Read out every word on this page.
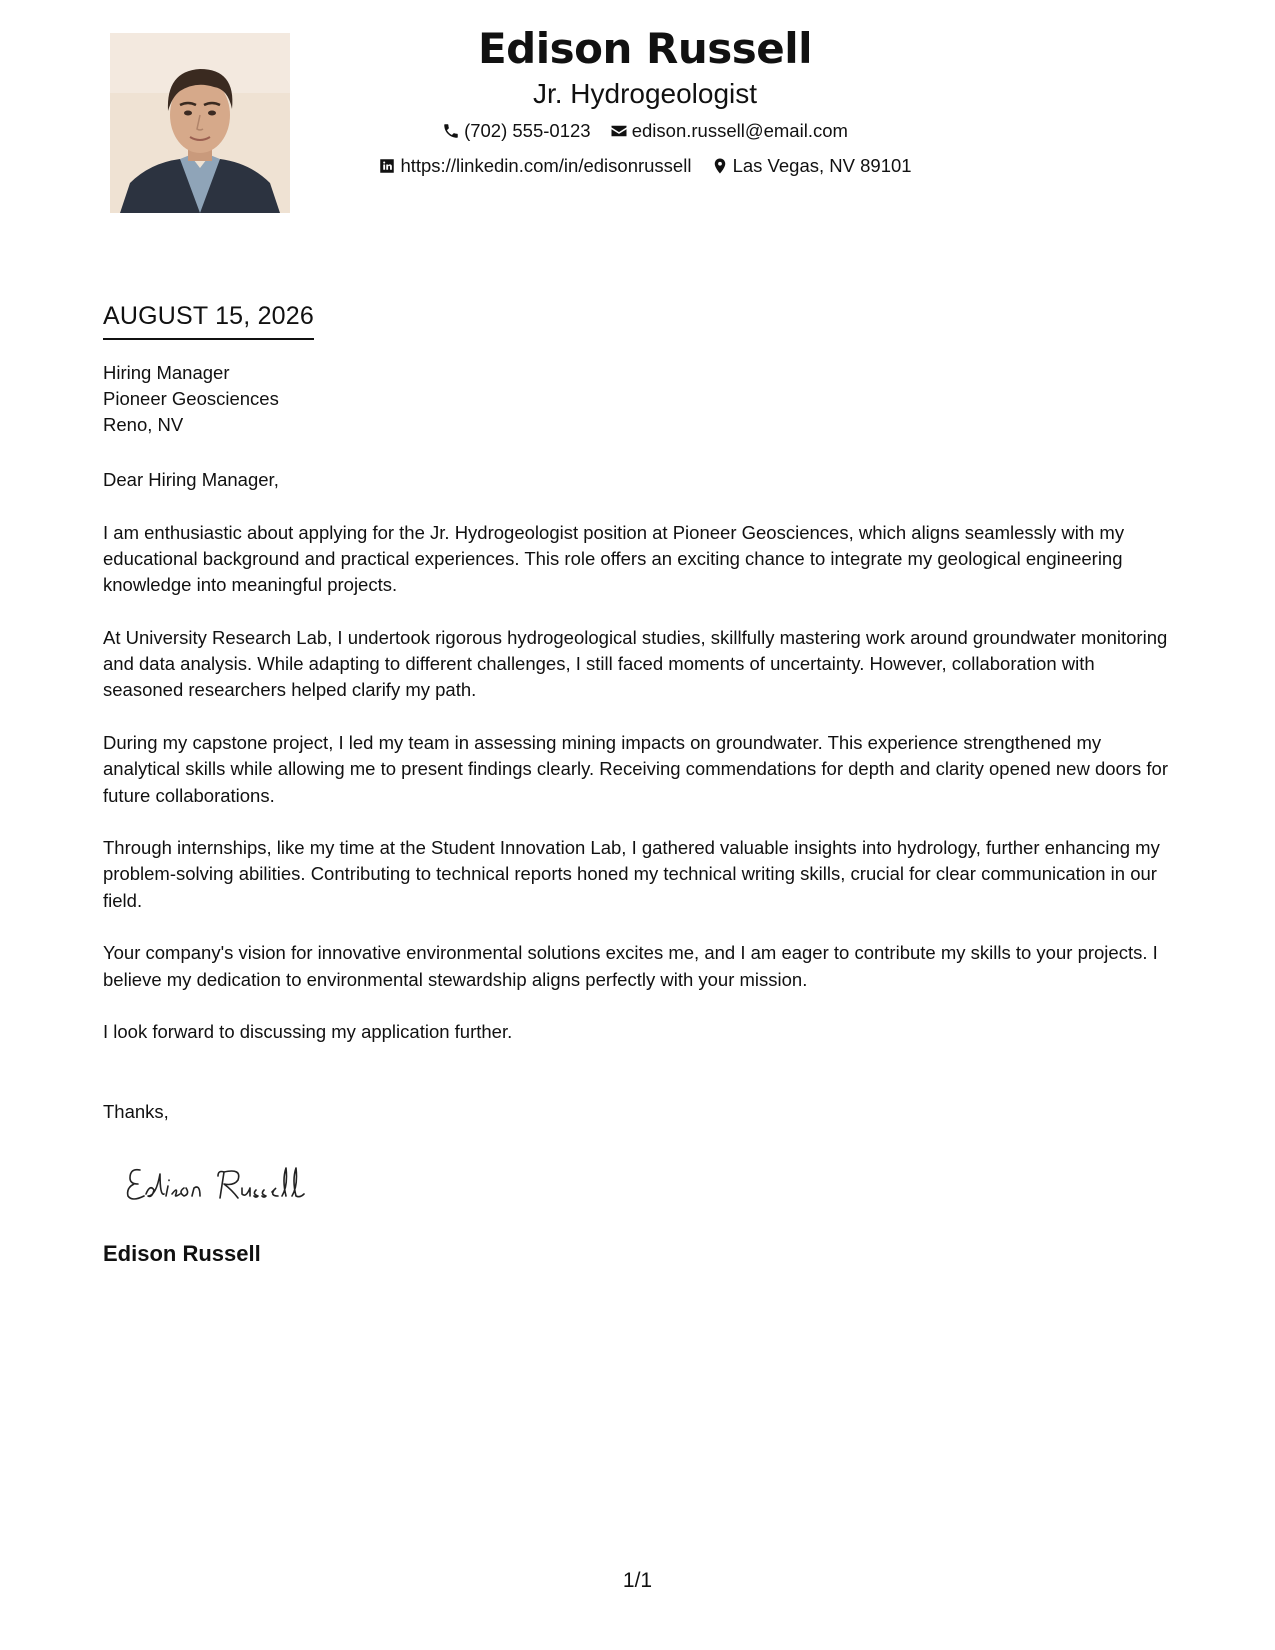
Edison Russell
Jr. Hydrogeologist
(702) 555-0123
edison.russell@email.com
https://linkedin.com/in/edisonrussell
Las Vegas, NV 89101
AUGUST 15, 2026
Hiring Manager
Pioneer Geosciences
Reno, NV

Dear Hiring Manager,

I am enthusiastic about applying for the Jr. Hydrogeologist position at Pioneer Geosciences, which aligns seamlessly with my educational background and practical experiences. This role offers an exciting chance to integrate my geological engineering knowledge into meaningful projects.

At University Research Lab, I undertook rigorous hydrogeological studies, skillfully mastering work around groundwater monitoring and data analysis. While adapting to different challenges, I still faced moments of uncertainty. However, collaboration with seasoned researchers helped clarify my path.

During my capstone project, I led my team in assessing mining impacts on groundwater. This experience strengthened my analytical skills while allowing me to present findings clearly. Receiving commendations for depth and clarity opened new doors for future collaborations.

Through internships, like my time at the Student Innovation Lab, I gathered valuable insights into hydrology, further enhancing my problem-solving abilities. Contributing to technical reports honed my technical writing skills, crucial for clear communication in our field.

Your company's vision for innovative environmental solutions excites me, and I am eager to contribute my skills to your projects. I believe my dedication to environmental stewardship aligns perfectly with your mission.

I look forward to discussing my application further.

Thanks,
Edison Russell
1/1
